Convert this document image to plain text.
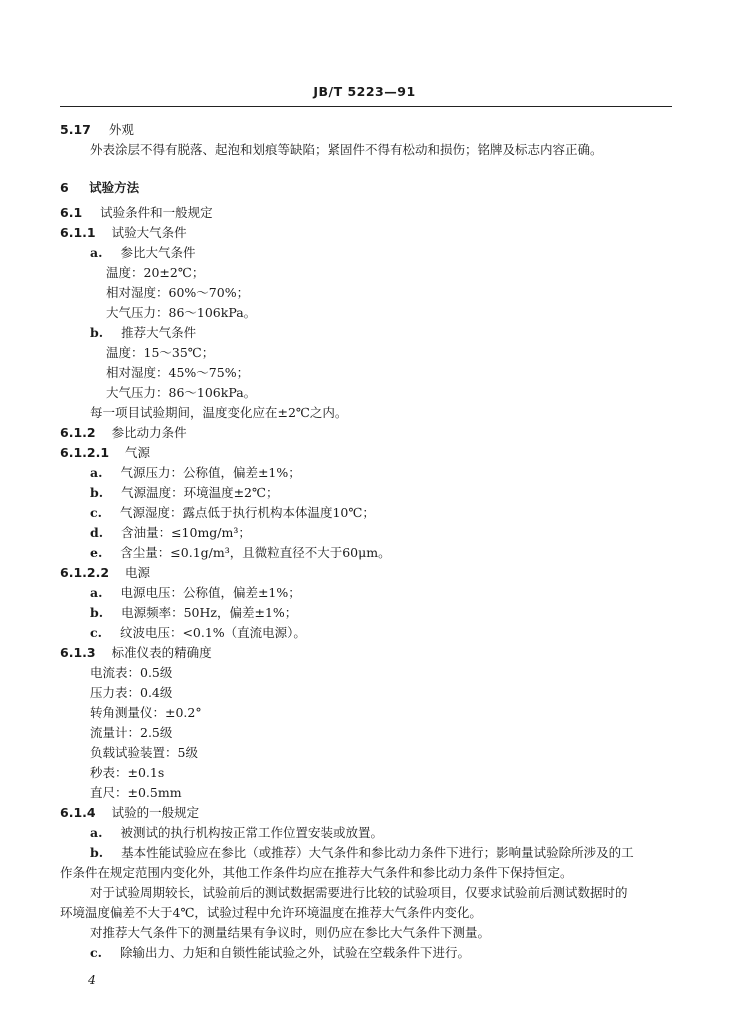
JB/T 5223—91
5.17 外观
外表涂层不得有脱落、起泡和划痕等缺陷；紧固件不得有松动和损伤；铭牌及标志内容正确。
6 试验方法
6.1 试验条件和一般规定
6.1.1 试验大气条件
a. 参比大气条件
温度：20±2℃；
相对湿度：60%～70%；
大气压力：86～106kPa。
b. 推荐大气条件
温度：15～35℃；
相对湿度：45%～75%；
大气压力：86～106kPa。
每一项目试验期间，温度变化应在±2℃之内。
6.1.2 参比动力条件
6.1.2.1 气源
a. 气源压力：公称值，偏差±1%；
b. 气源温度：环境温度±2℃；
c. 气源湿度：露点低于执行机构本体温度10℃；
d. 含油量：≤10mg/m³；
e. 含尘量：≤0.1g/m³，且微粒直径不大于60μm。
6.1.2.2 电源
a. 电源电压：公称值，偏差±1%；
b. 电源频率：50Hz，偏差±1%；
c. 纹波电压：<0.1%（直流电源）。
6.1.3 标准仪表的精确度
电流表：0.5级
压力表：0.4级
转角测量仪：±0.2°
流量计：2.5级
负载试验装置：5级
秒表：±0.1s
直尺：±0.5mm
6.1.4 试验的一般规定
a. 被测试的执行机构按正常工作位置安装或放置。
b. 基本性能试验应在参比（或推荐）大气条件和参比动力条件下进行；影响量试验除所涉及的工
作条件在规定范围内变化外，其他工作条件均应在推荐大气条件和参比动力条件下保持恒定。
对于试验周期较长，试验前后的测试数据需要进行比较的试验项目，仅要求试验前后测试数据时的
环境温度偏差不大于4℃，试验过程中允许环境温度在推荐大气条件内变化。
对推荐大气条件下的测量结果有争议时，则仍应在参比大气条件下测量。
c. 除输出力、力矩和自锁性能试验之外，试验在空载条件下进行。
4
